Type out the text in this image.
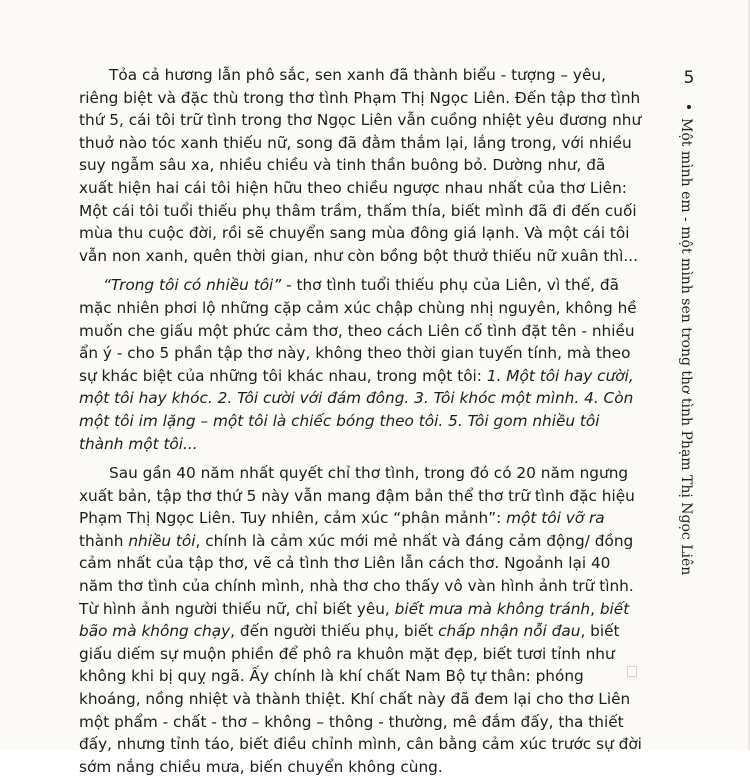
Tỏa cả hương lẫn phô sắc, sen xanh đã thành biểu - tượng – yêu, riêng biệt và đặc thù trong thơ tình Phạm Thị Ngọc Liên. Đến tập thơ tình thứ 5, cái tôi trữ tình trong thơ Ngọc Liên vẫn cuồng nhiệt yêu đương như thuở nào tóc xanh thiếu nữ, song đã đằm thắm lại, lắng trong, với nhiều suy ngẫm sâu xa, nhiều chiều và tinh thần buông bỏ. Dường như, đã xuất hiện hai cái tôi hiện hữu theo chiều ngược nhau nhất của thơ Liên: Một cái tôi tuổi thiếu phụ thâm trầm, thấm thía, biết mình đã đi đến cuối mùa thu cuộc đời, rồi sẽ chuyển sang mùa đông giá lạnh. Và một cái tôi vẫn non xanh, quên thời gian, như còn bồng bột thưở thiếu nữ xuân thì...

“Trong tôi có nhiều tôi” - thơ tình tuổi thiếu phụ của Liên, vì thế, đã mặc nhiên phơi lộ những cặp cảm xúc chập chùng nhị nguyên, không hề muốn che giấu một phức cảm thơ, theo cách Liên cố tình đặt tên - nhiều ẩn ý - cho 5 phần tập thơ này, không theo thời gian tuyến tính, mà theo sự khác biệt của những tôi khác nhau, trong một tôi: 1. Một tôi hay cười, một tôi hay khóc. 2. Tôi cười với đám đông. 3. Tôi khóc một mình. 4. Còn một tôi im lặng – một tôi là chiếc bóng theo tôi. 5. Tôi gom nhiều tôi thành một tôi...

Sau gần 40 năm nhất quyết chỉ thơ tình, trong đó có 20 năm ngưng xuất bản, tập thơ thứ 5 này vẫn mang đậm bản thể thơ trữ tình đặc hiệu Phạm Thị Ngọc Liên. Tuy nhiên, cảm xúc “phân mảnh”: một tôi vỡ ra thành nhiều tôi, chính là cảm xúc mới mẻ nhất và đáng cảm động/ đồng cảm nhất của tập thơ, vẽ cả tình thơ Liên lẫn cách thơ. Ngoảnh lại 40 năm thơ tình của chính mình, nhà thơ cho thấy vô vàn hình ảnh trữ tình. Từ hình ảnh người thiếu nữ, chỉ biết yêu, biết mưa mà không tránh, biết bão mà không chạy, đến người thiếu phụ, biết chấp nhận nỗi đau, biết giấu diếm sự muộn phiền để phô ra khuôn mặt đẹp, biết tươi tỉnh như không khi bị quỵ ngã. Ấy chính là khí chất Nam Bộ tự thân: phóng khoáng, nồng nhiệt và thành thiệt. Khí chất này đã đem lại cho thơ Liên một phẩm - chất - thơ – không – thông - thường, mê đắm đấy, tha thiết đấy, nhưng tỉnh táo, biết điều chỉnh mình, cân bằng cảm xúc trước sự đời sớm nắng chiều mưa, biến chuyển không cùng.

5
Một mình em - một mình sen trong thơ tình Phạm Thị Ngọc Liên
